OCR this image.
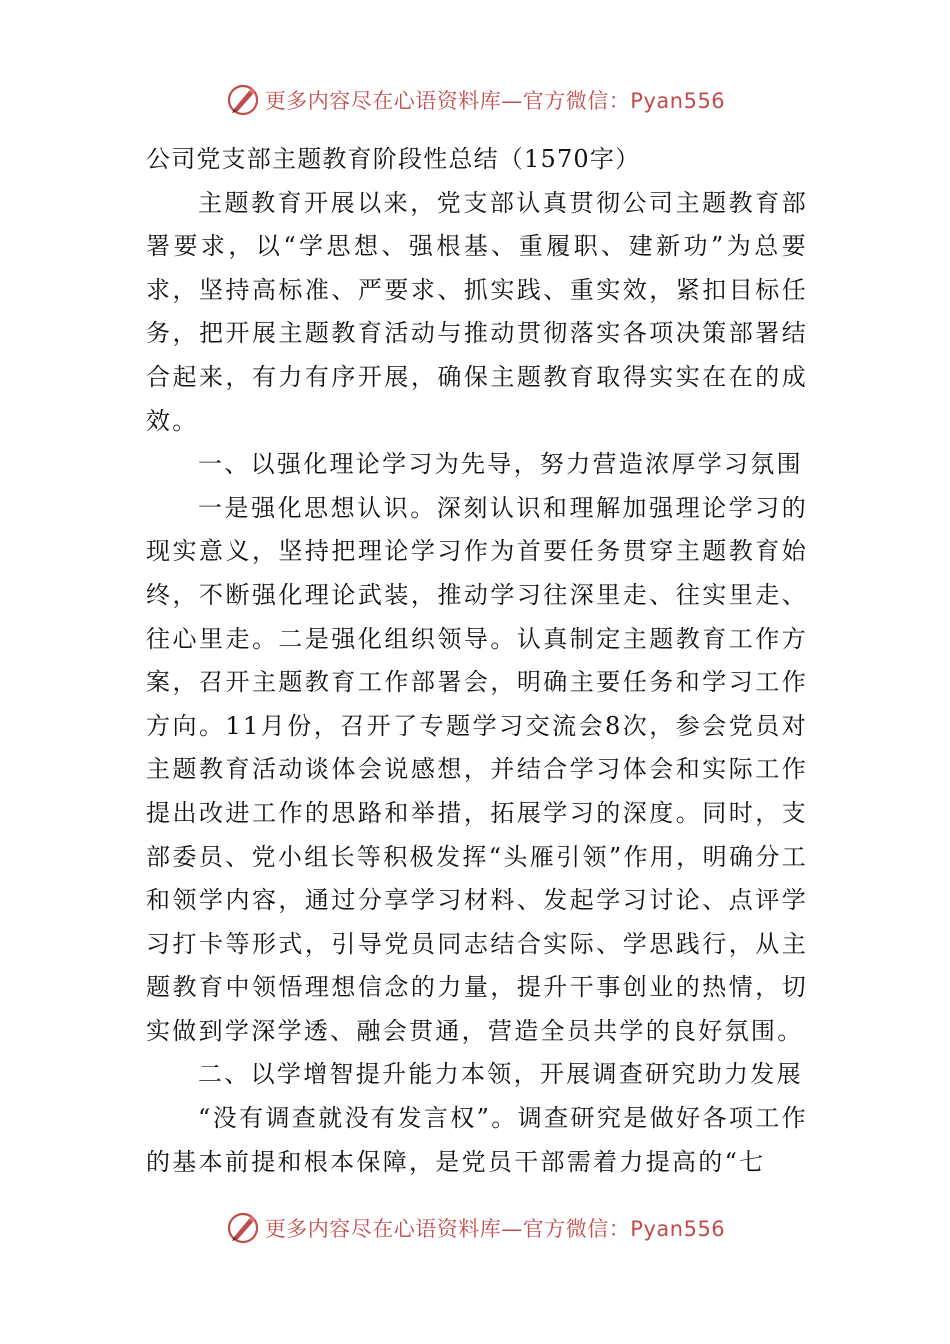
更多内容尽在心语资料库—官方微信：Pyan556

公司党支部主题教育阶段性总结（1570字）

主题教育开展以来，党支部认真贯彻公司主题教育部署要求，以“学思想、强根基、重履职、建新功”为总要求，坚持高标准、严要求、抓实践、重实效，紧扣目标任务，把开展主题教育活动与推动贯彻落实各项决策部署结合起来，有力有序开展，确保主题教育取得实实在在的成效。

一、以强化理论学习为先导，努力营造浓厚学习氛围

一是强化思想认识。深刻认识和理解加强理论学习的现实意义，坚持把理论学习作为首要任务贯穿主题教育始终，不断强化理论武装，推动学习往深里走、往实里走、往心里走。二是强化组织领导。认真制定主题教育工作方案，召开主题教育工作部署会，明确主要任务和学习工作方向。11月份，召开了专题学习交流会8次，参会党员对主题教育活动谈体会说感想，并结合学习体会和实际工作提出改进工作的思路和举措，拓展学习的深度。同时，支部委员、党小组长等积极发挥“头雁引领”作用，明确分工和领学内容，通过分享学习材料、发起学习讨论、点评学习打卡等形式，引导党员同志结合实际、学思践行，从主题教育中领悟理想信念的力量，提升干事创业的热情，切实做到学深学透、融会贯通，营造全员共学的良好氛围。

二、以学增智提升能力本领，开展调查研究助力发展

“没有调查就没有发言权”。调查研究是做好各项工作的基本前提和根本保障，是党员干部需着力提高的“七

更多内容尽在心语资料库—官方微信：Pyan556
